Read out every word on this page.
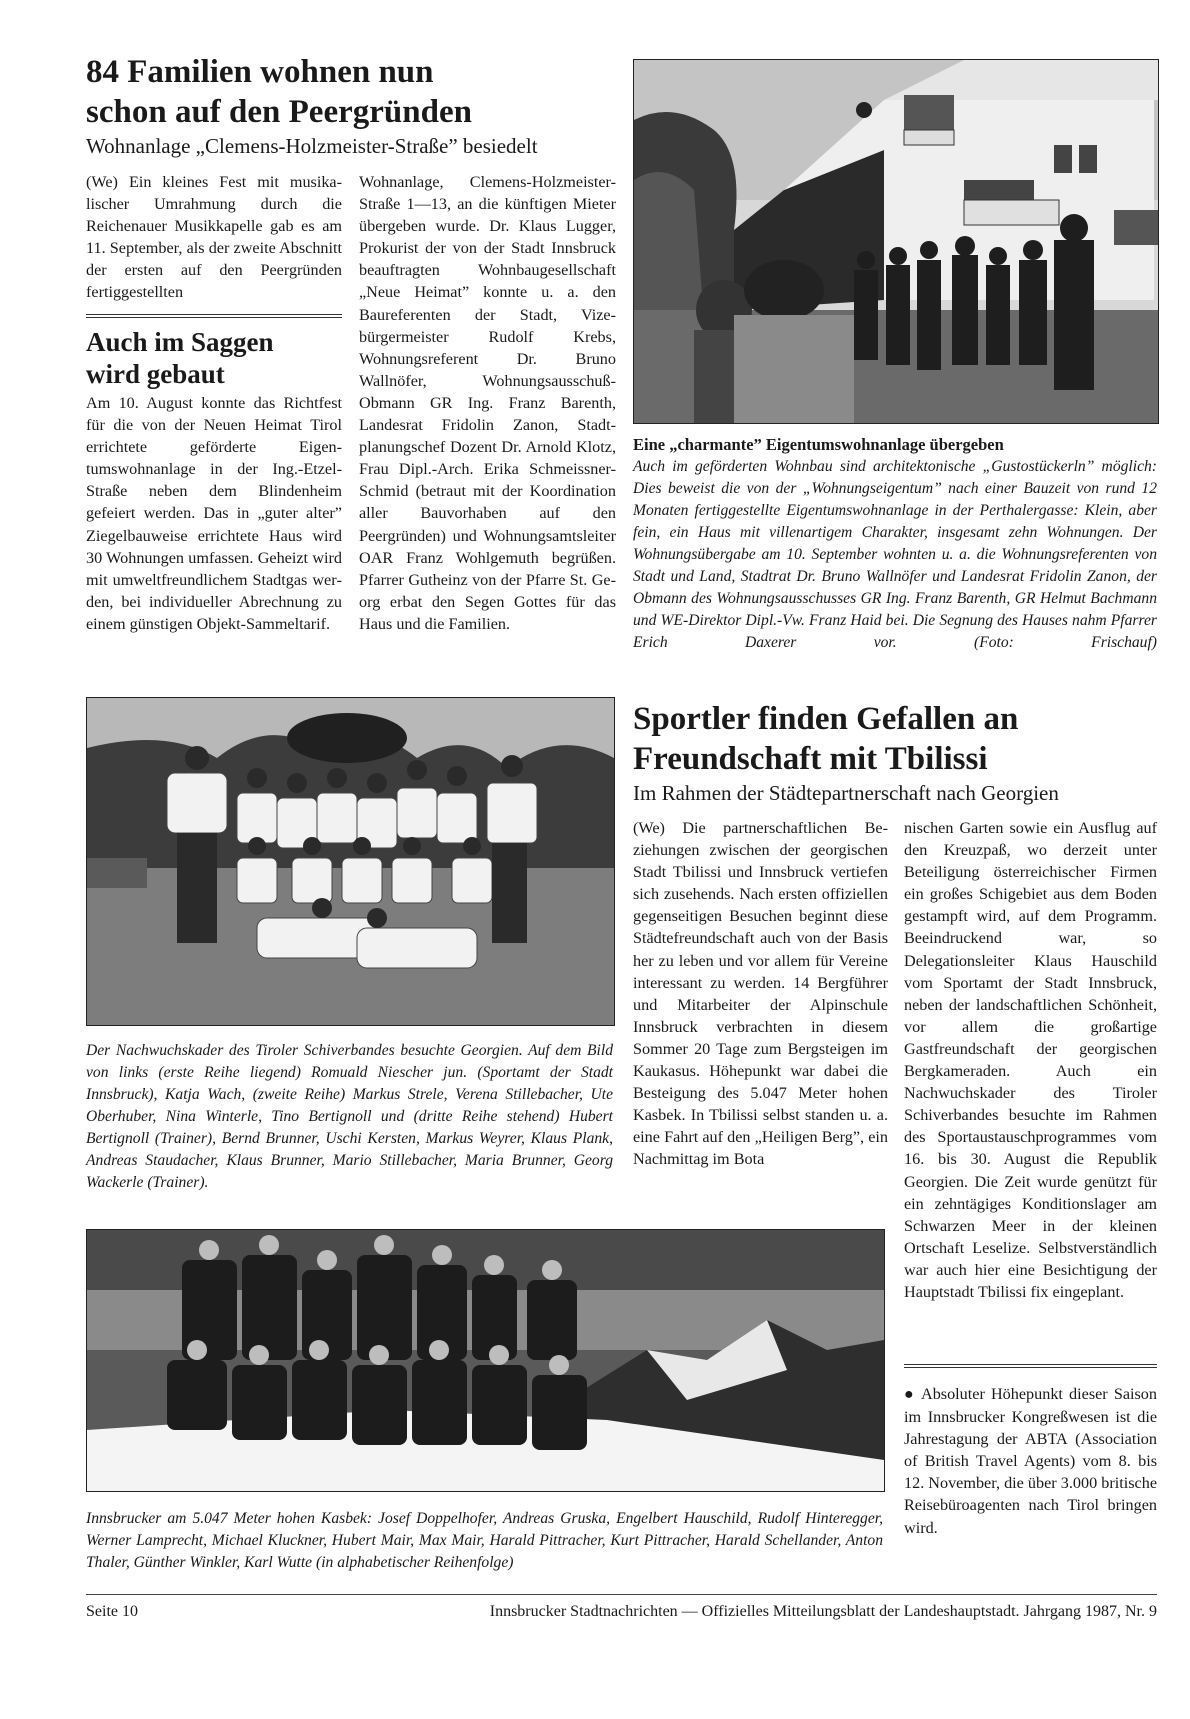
84 Familien wohnen nun
schon auf den Peergründen
Wohnanlage „Clemens-Holzmeister-Straße” besiedelt
(We) Ein kleines Fest mit musikalischer Umrahmung durch die Reichenauer Musikkapelle gab es am 11. September, als der zweite Abschnitt der ersten auf den Peergründen fertiggestellten
Auch im Saggen
wird gebaut
Am 10. August konnte das Richtfest für die von der Neuen Heimat Tirol errichtete geförderte Eigentumswohnanlage in der Ing.-Etzel-Straße neben dem Blindenheim gefeiert werden. Das in „guter alter” Ziegelbauweise errichtete Haus wird 30 Wohnungen umfassen. Geheizt wird mit umweltfreundlichem Stadtgas werden, bei individueller Abrechnung zu einem günstigen Objekt-Sammeltarif.
Wohnanlage, Clemens-Holzmeister-Straße 1—13, an die künftigen Mieter übergeben wurde. Dr. Klaus Lugger, Prokurist der von der Stadt Innsbruck beauftragten Wohnbaugesellschaft „Neue Heimat” konnte u. a. den Baureferenten der Stadt, Vizebürgermeister Rudolf Krebs, Wohnungsreferent Dr. Bruno Wallnöfer, Wohnungsausschuß-Obmann GR Ing. Franz Barenth, Landesrat Fridolin Zanon, Stadtplanungschef Dozent Dr. Arnold Klotz, Frau Dipl.-Arch. Erika Schmeissner-Schmid (betraut mit der Koordination aller Bauvorhaben auf den Peergründen) und Wohnungsamtsleiter OAR Franz Wohlgemuth begrüßen. Pfarrer Gutheinz von der Pfarre St. Georg erbat den Segen Gottes für das Haus und die Familien.
Eine „charmante” Eigentumswohnanlage übergeben
Auch im geförderten Wohnbau sind architektonische „Gustostückerln” möglich: Dies beweist die von der „Wohnungseigentum” nach einer Bauzeit von rund 12 Monaten fertiggestellte Eigentumswohnanlage in der Perthalergasse: Klein, aber fein, ein Haus mit villenartigem Charakter, insgesamt zehn Wohnungen. Der Wohnungsübergabe am 10. September wohnten u. a. die Wohnungsreferenten von Stadt und Land, Stadtrat Dr. Bruno Wallnöfer und Landesrat Fridolin Zanon, der Obmann des Wohnungsausschusses GR Ing. Franz Barenth, GR Helmut Bachmann und WE-Direktor Dipl.-Vw. Franz Haid bei. Die Segnung des Hauses nahm Pfarrer Erich Daxerer vor.	(Foto: Frischauf)
Der Nachwuchskader des Tiroler Schiverbandes besuchte Georgien. Auf dem Bild von links (erste Reihe liegend) Romuald Niescher jun. (Sportamt der Stadt Innsbruck), Katja Wach, (zweite Reihe) Markus Strele, Verena Stillebacher, Ute Oberhuber, Nina Winterle, Tino Bertignoll und (dritte Reihe stehend) Hubert Bertignoll (Trainer), Bernd Brunner, Uschi Kersten, Markus Weyrer, Klaus Plank, Andreas Staudacher, Klaus Brunner, Mario Stillebacher, Maria Brunner, Georg Wackerle (Trainer).
Sportler finden Gefallen an
Freundschaft mit Tbilissi
Im Rahmen der Städtepartnerschaft nach Georgien
(We) Die partnerschaftlichen Beziehungen zwischen der georgischen Stadt Tbilissi und Innsbruck vertiefen sich zusehends. Nach ersten offiziellen gegenseitigen Besuchen beginnt diese Städtefreundschaft auch von der Basis her zu leben und vor allem für Vereine interessant zu werden. 14 Bergführer und Mitarbeiter der Alpinschule Innsbruck verbrachten in diesem Sommer 20 Tage zum Bergsteigen im Kaukasus. Höhepunkt war dabei die Besteigung des 5.047 Meter hohen Kasbek. In Tbilissi selbst standen u. a. eine Fahrt auf den „Heiligen Berg”, ein Nachmittag im Bota
nischen Garten sowie ein Ausflug auf den Kreuzpaß, wo derzeit unter Beteiligung österreichischer Firmen ein großes Schigebiet aus dem Boden gestampft wird, auf dem Programm. Beeindruckend war, so Delegationsleiter Klaus Hauschild vom Sportamt der Stadt Innsbruck, neben der landschaftlichen Schönheit, vor allem die großartige Gastfreundschaft der georgischen Bergkameraden. Auch ein Nachwuchskader des Tiroler Schiverbandes besuchte im Rahmen des Sportaustauschprogrammes vom 16. bis 30. August die Republik Georgien. Die Zeit wurde genützt für ein zehntägiges Konditionslager am Schwarzen Meer in der kleinen Ortschaft Leselize. Selbstverständlich war auch hier eine Besichtigung der Hauptstadt Tbilissi fix eingeplant.
Innsbrucker am 5.047 Meter hohen Kasbek: Josef Doppelhofer, Andreas Gruska, Engelbert Hauschild, Rudolf Hinteregger, Werner Lamprecht, Michael Kluckner, Hubert Mair, Max Mair, Harald Pittracher, Kurt Pittracher, Harald Schellander, Anton Thaler, Günther Winkler, Karl Wutte (in alphabetischer Reihenfolge)
● Absoluter Höhepunkt dieser Saison im Innsbrucker Kongreßwesen ist die Jahrestagung der ABTA (Association of British Travel Agents) vom 8. bis 12. November, die über 3.000 britische Reisebüroagenten nach Tirol bringen wird.
Seite 10	Innsbrucker Stadtnachrichten — Offizielles Mitteilungsblatt der Landeshauptstadt. Jahrgang 1987, Nr. 9
